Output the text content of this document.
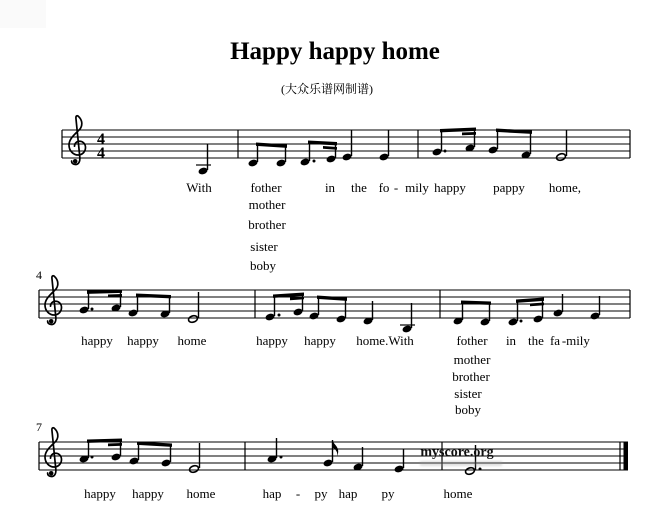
Happy happy home
(大众乐谱网制谱)
4
4
With	fother	in the fo - mily happy pappy home,
mother
brother
sister
boby
happy happy home	happy happy home.With	fother in the fa - mily
mother
brother
sister
boby
happy happy home	hap - py hap py	home
4
7
myscore.org
